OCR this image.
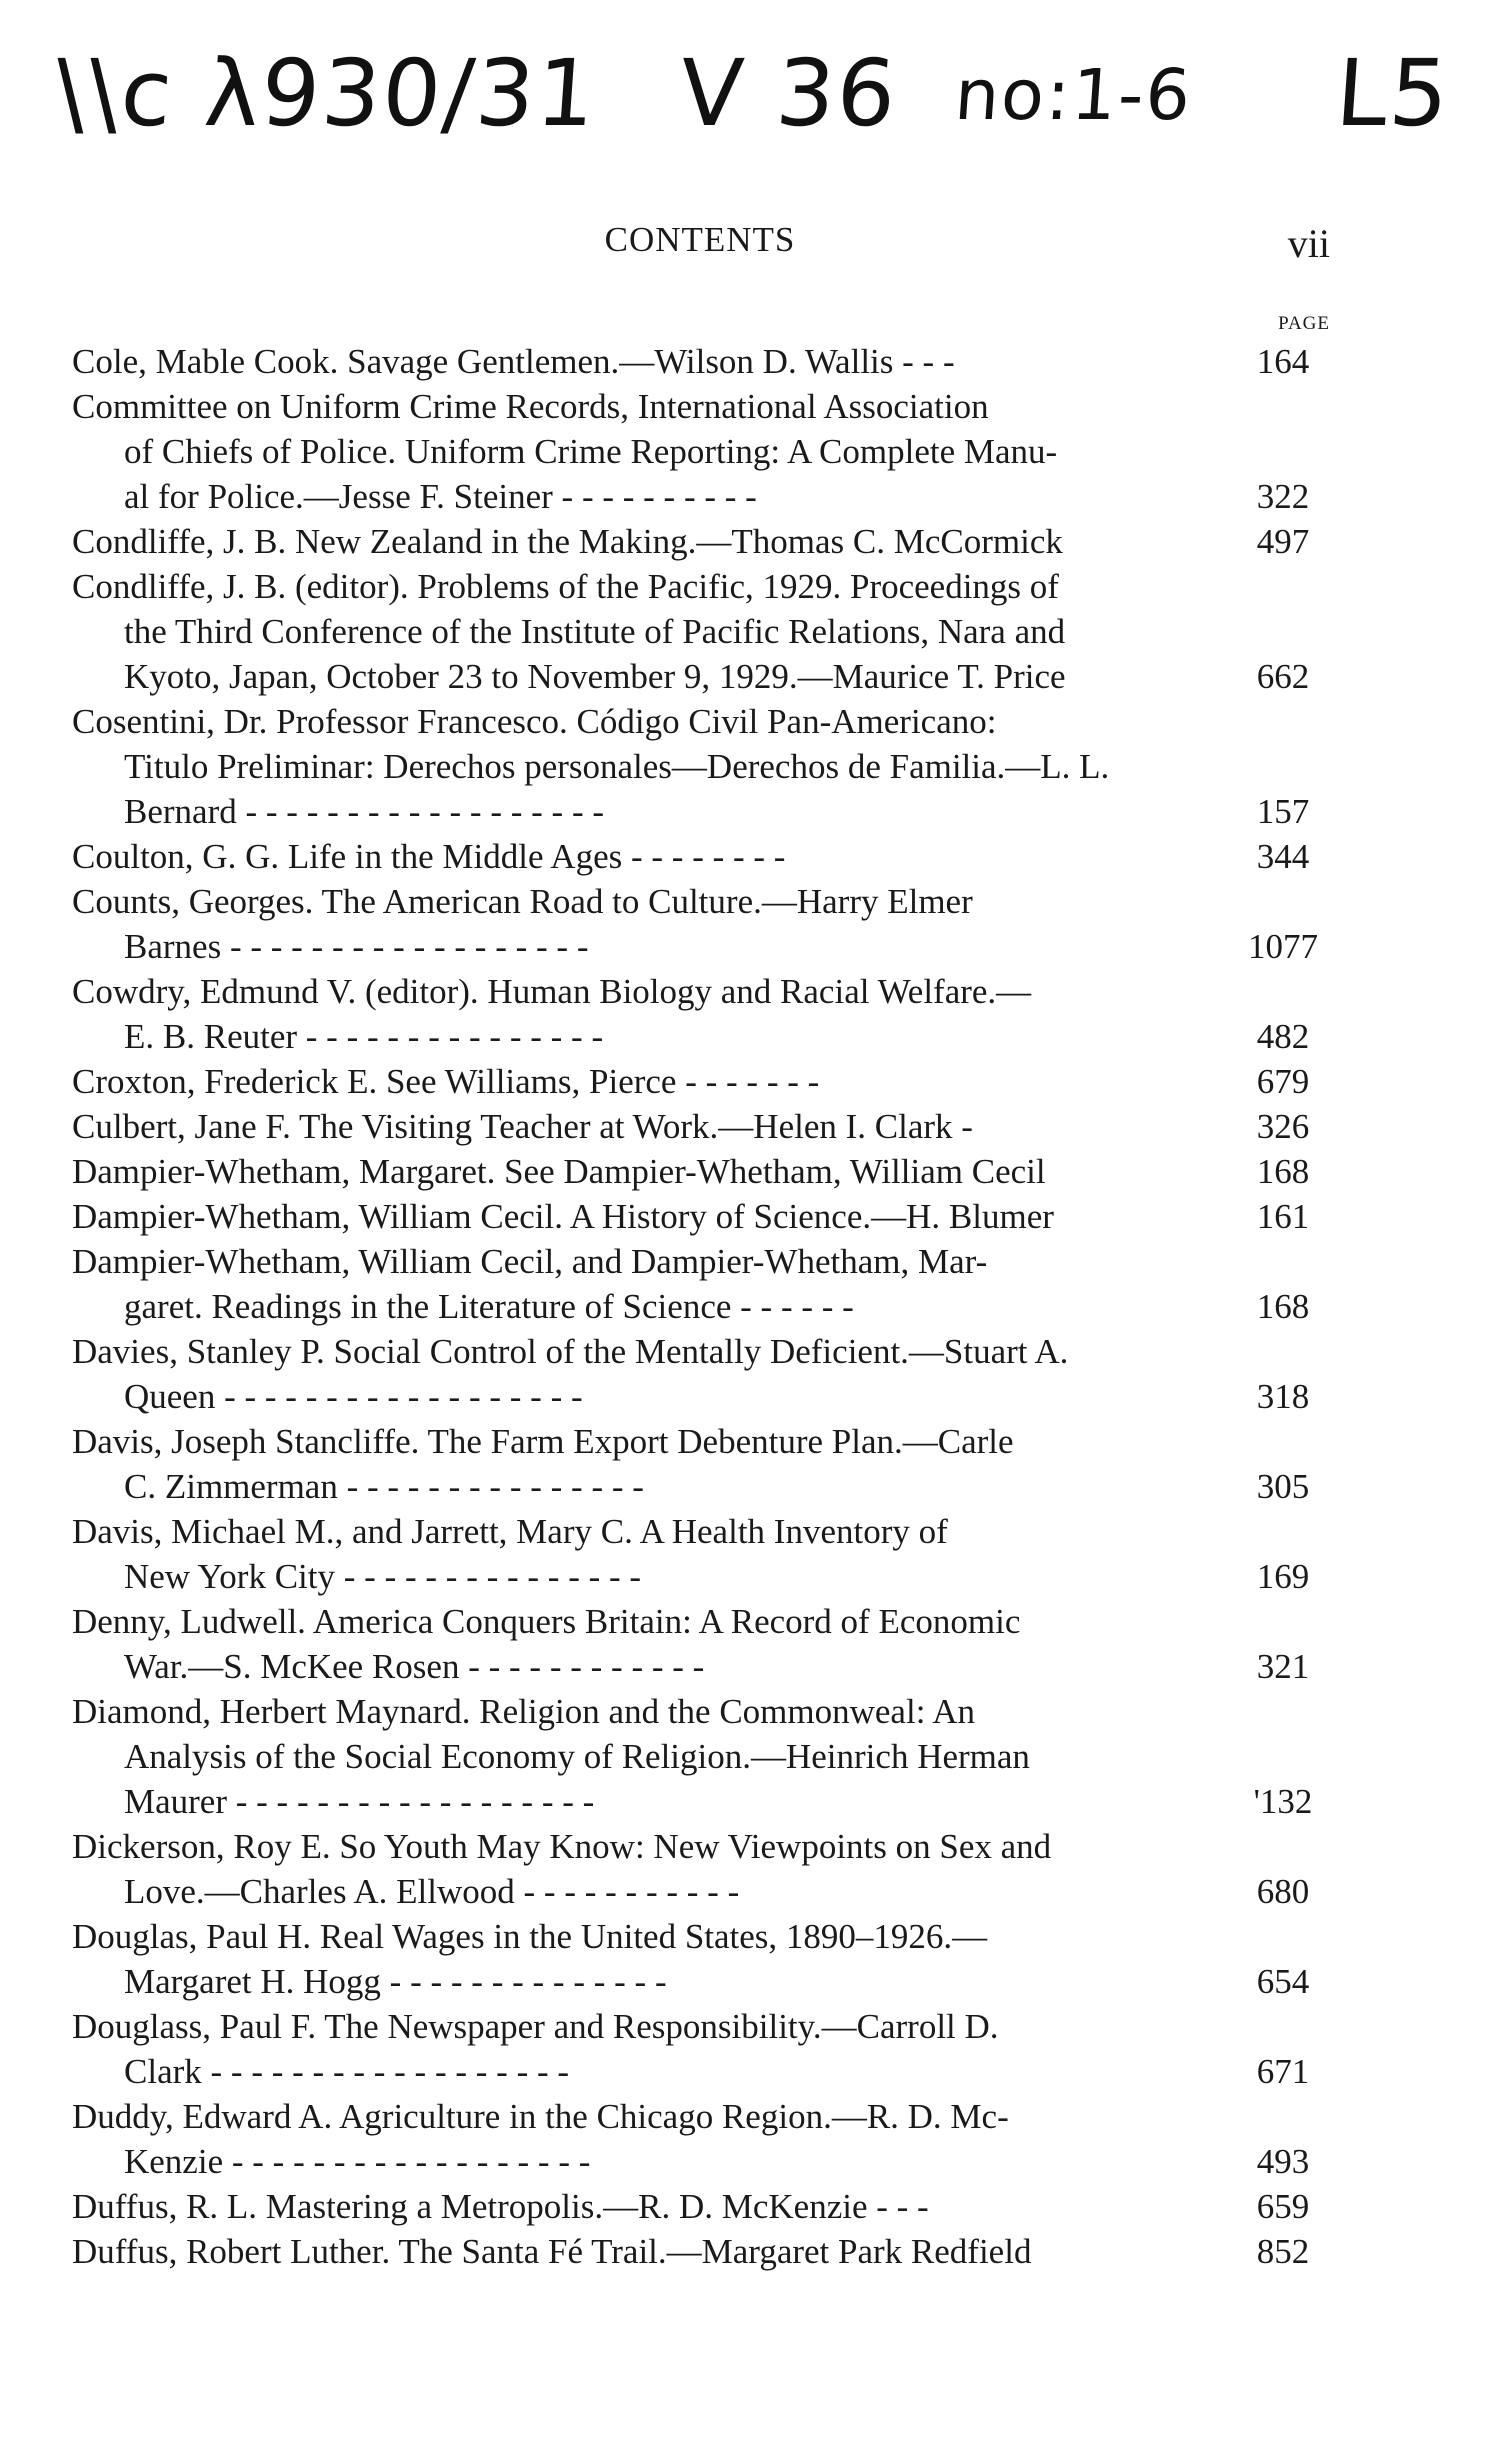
\\c λ930/31 V 36 no:1-6 L5
CONTENTS	vii
PAGE
Cole, Mable Cook. Savage Gentlemen.—Wilson D. Wallis - - -	164
Committee on Uniform Crime Records, International Association
of Chiefs of Police. Uniform Crime Reporting: A Complete Manu-
al for Police.—Jesse F. Steiner - - - - - - - - - -	322
Condliffe, J. B. New Zealand in the Making.—Thomas C. McCormick	497
Condliffe, J. B. (editor). Problems of the Pacific, 1929. Proceedings of
the Third Conference of the Institute of Pacific Relations, Nara and
Kyoto, Japan, October 23 to November 9, 1929.—Maurice T. Price	662
Cosentini, Dr. Professor Francesco. Código Civil Pan-Americano:
Titulo Preliminar: Derechos personales—Derechos de Familia.—L. L.
Bernard - - - - - - - - - - - - - - - - - -	157
Coulton, G. G. Life in the Middle Ages - - - - - - - -	344
Counts, Georges. The American Road to Culture.—Harry Elmer
Barnes - - - - - - - - - - - - - - - - - -	1077
Cowdry, Edmund V. (editor). Human Biology and Racial Welfare.—
E. B. Reuter - - - - - - - - - - - - - - -	482
Croxton, Frederick E. See Williams, Pierce - - - - - - -	679
Culbert, Jane F. The Visiting Teacher at Work.—Helen I. Clark -	326
Dampier-Whetham, Margaret. See Dampier-Whetham, William Cecil	168
Dampier-Whetham, William Cecil. A History of Science.—H. Blumer	161
Dampier-Whetham, William Cecil, and Dampier-Whetham, Mar-
garet. Readings in the Literature of Science - - - - - -	168
Davies, Stanley P. Social Control of the Mentally Deficient.—Stuart A.
Queen - - - - - - - - - - - - - - - - - -	318
Davis, Joseph Stancliffe. The Farm Export Debenture Plan.—Carle
C. Zimmerman - - - - - - - - - - - - - - -	305
Davis, Michael M., and Jarrett, Mary C. A Health Inventory of
New York City - - - - - - - - - - - - - - -	169
Denny, Ludwell. America Conquers Britain: A Record of Economic
War.—S. McKee Rosen - - - - - - - - - - - -	321
Diamond, Herbert Maynard. Religion and the Commonweal: An
Analysis of the Social Economy of Religion.—Heinrich Herman
Maurer - - - - - - - - - - - - - - - - - -	'132
Dickerson, Roy E. So Youth May Know: New Viewpoints on Sex and
Love.—Charles A. Ellwood - - - - - - - - - - -	680
Douglas, Paul H. Real Wages in the United States, 1890–1926.—
Margaret H. Hogg - - - - - - - - - - - - - -	654
Douglass, Paul F. The Newspaper and Responsibility.—Carroll D.
Clark - - - - - - - - - - - - - - - - - -	671
Duddy, Edward A. Agriculture in the Chicago Region.—R. D. Mc-
Kenzie - - - - - - - - - - - - - - - - - -	493
Duffus, R. L. Mastering a Metropolis.—R. D. McKenzie - - -	659
Duffus, Robert Luther. The Santa Fé Trail.—Margaret Park Redfield	852
